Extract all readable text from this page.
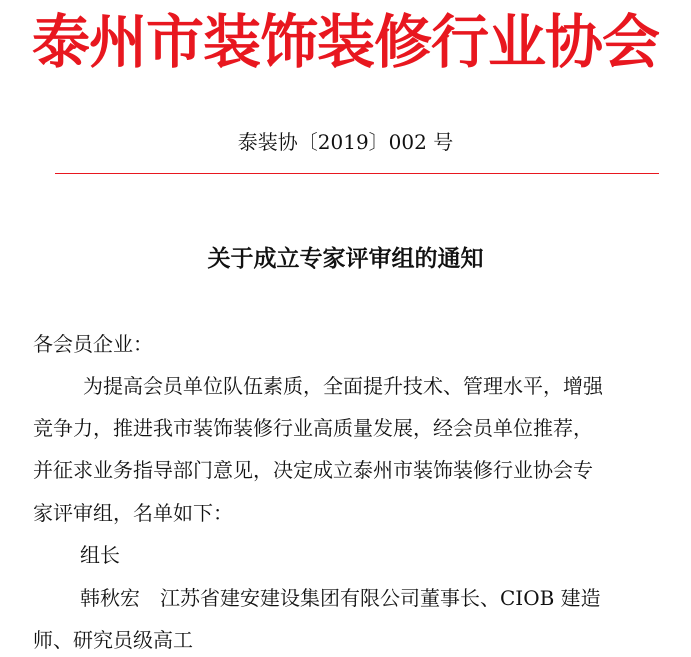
泰州市装饰装修行业协会
泰装协〔2019〕002 号
关于成立专家评审组的通知
各会员企业：
为提高会员单位队伍素质，全面提升技术、管理水平，增强
竞争力，推进我市装饰装修行业高质量发展，经会员单位推荐，
并征求业务指导部门意见，决定成立泰州市装饰装修行业协会专
家评审组，名单如下：
组长
韩秋宏　江苏省建安建设集团有限公司董事长、CIOB 建造
师、研究员级高工
